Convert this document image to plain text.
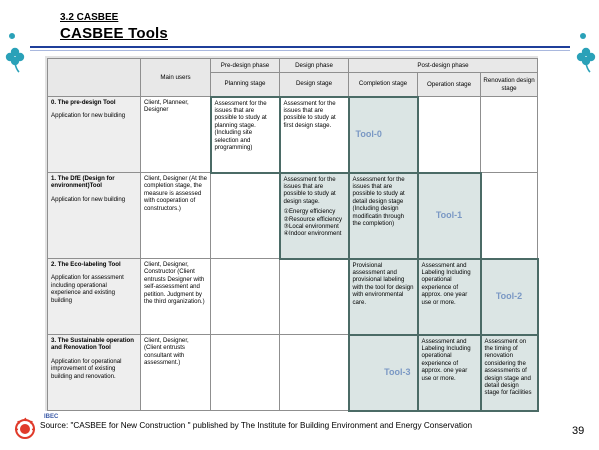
3.2 CASBEE
CASBEE Tools
	Main users	Pre-design phase	Design phase	Post-design phase		
		Planning stage	Design stage	Completion stage	Operation stage	Renovation design stage

0. The pre-design Tool
Application for new building	Client, Planneer, Designer	Assessment for the issues that are possible to study at planning stage. (Including site selection and programming)	Assessment for the issues that are possible to study at first design stage.	Tool-0		

1. The DfE (Design for environment)Tool
Application for new building	Client, Designer (At the completion stage, the measure is assessed with cooperation of constructors.)		Assessment for the issues that are possible to study at design stage.
①Energy efficiency
②Resource efficiency
③Local environment
④Indoor environment	Assessment for the issues that are possible to study at detail design stage (Including design modificatin through the completion)	Tool-1	

2. The Eco-labeling Tool
Application for assessment including operational experience and existing building	Client, Designer, Constructor (Client entrusts Designer with self-assessment and petition. Judgment by the third organization.)			Provisional assessment and provisional labeling with the tool for design with environmental care.	Assessment and Labeling Including operational experience of approx. one year use or more.	Tool-2

3. The Sustainable operation and Renovation Tool
Application for operational improvement of existing building and renovation.	Client, Designer, (Client entrusts consultant with assessment.)			Tool-3	Assessment and Labeling Including operational experience of approx. one year use or more.	Assessment on the timing of renovation considering the assessments of design stage and detail design stage for facilities
IBEC
Source: "CASBEE for New Construction " published by The Institute for Building Environment and Energy Conservation	39
